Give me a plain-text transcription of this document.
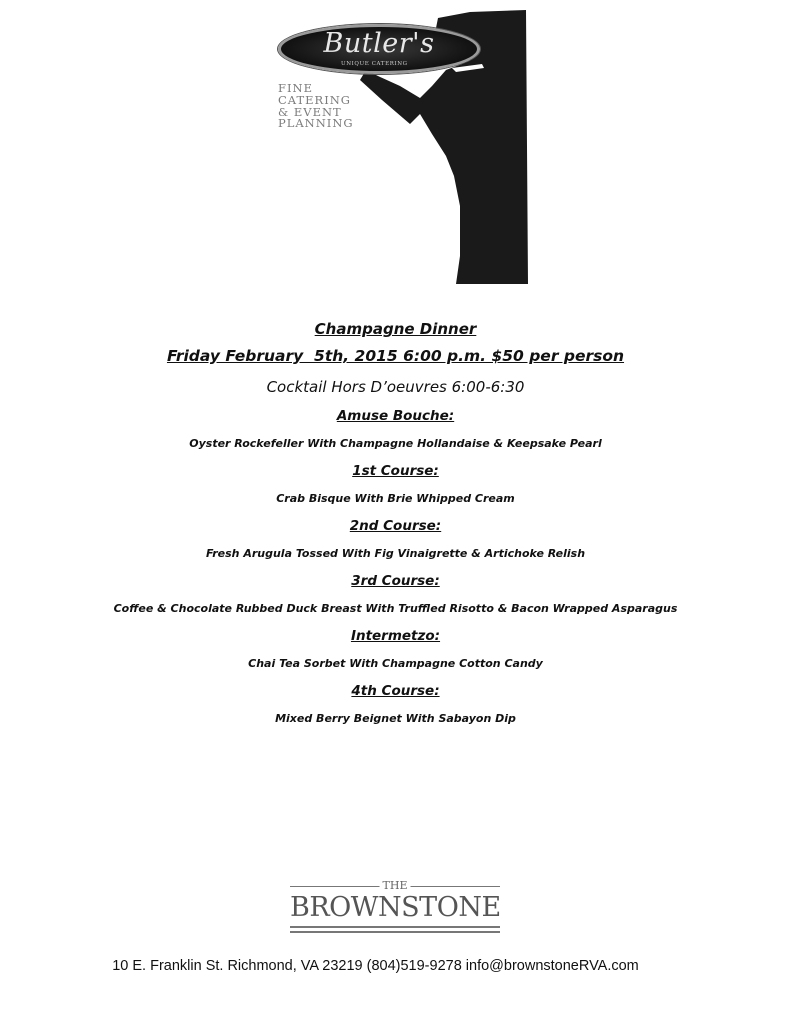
Butler's
UNIQUE CATERING
FINE
CATERING
& EVENT
PLANNING
Champagne Dinner
Friday February  5th, 2015 6:00 p.m. $50 per person
Cocktail Hors D’oeuvres 6:00-6:30
Amuse Bouche:
Oyster Rockefeller With Champagne Hollandaise & Keepsake Pearl
1st Course:
Crab Bisque With Brie Whipped Cream
2nd Course:
Fresh Arugula Tossed With Fig Vinaigrette & Artichoke Relish
3rd Course:
Coffee & Chocolate Rubbed Duck Breast With Truffled Risotto & Bacon Wrapped Asparagus
Intermetzo:
Chai Tea Sorbet With Champagne Cotton Candy
4th Course:
Mixed Berry Beignet With Sabayon Dip
THE
BROWNSTONE
10 E. Franklin St. Richmond, VA 23219 (804)519-9278 info@brownstoneRVA.com
